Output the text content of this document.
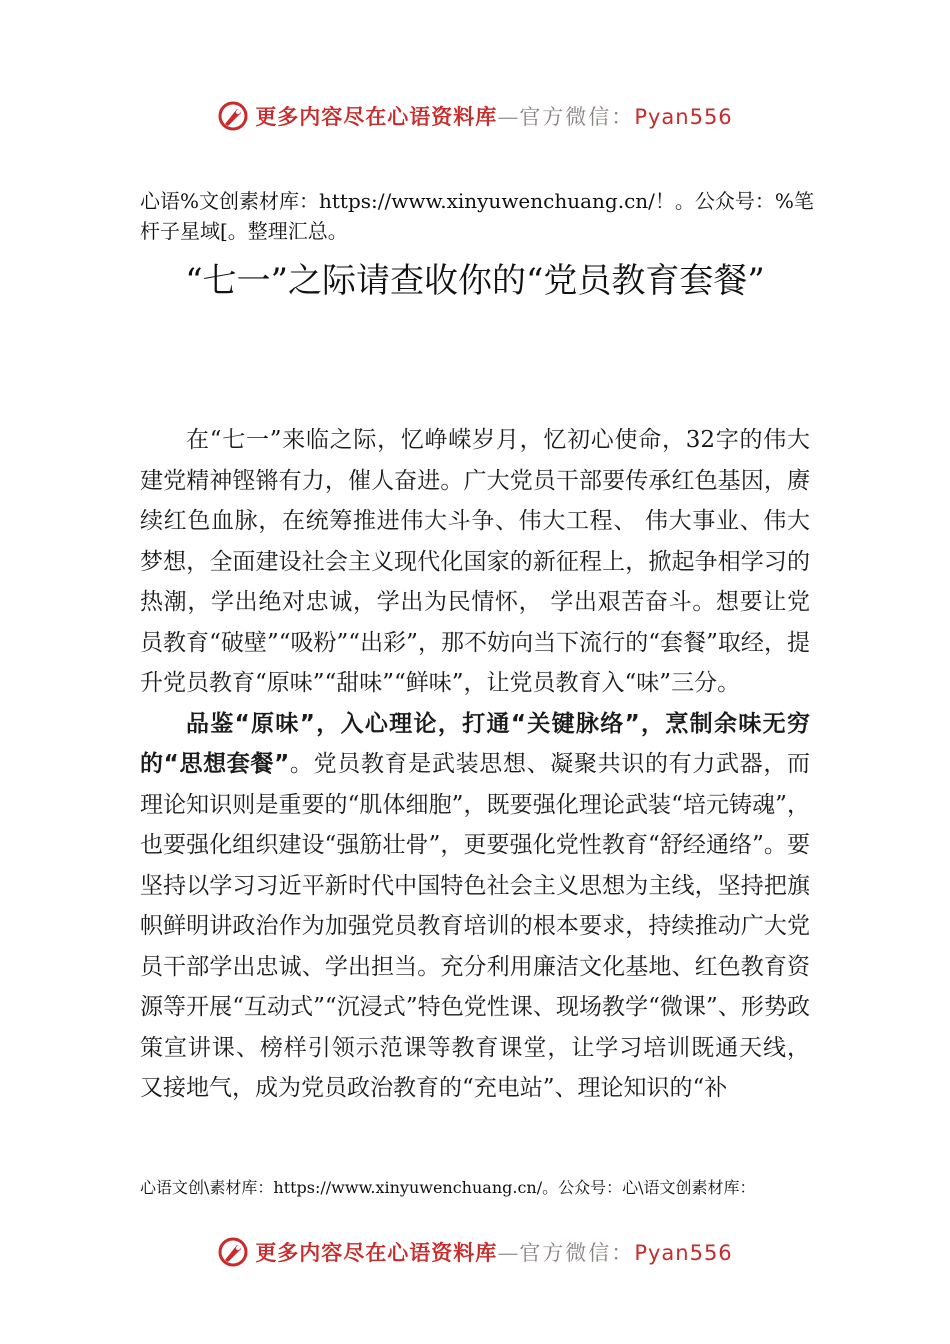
更多内容尽在心语资料库—官方微信：Pyan556
心语%文创素材库：https://www.xinyuwenchuang.cn/！。公众号：%笔杆子星域[。整理汇总。
“七一”之际请查收你的“党员教育套餐”

在“七一”来临之际，忆峥嵘岁月，忆初心使命，32字的伟大建党精神铿锵有力，催人奋进。广大党员干部要传承红色基因，赓续红色血脉，在统筹推进伟大斗争、伟大工程、 伟大事业、伟大梦想，全面建设社会主义现代化国家的新征程上，掀起争相学习的热潮，学出绝对忠诚，学出为民情怀， 学出艰苦奋斗。想要让党员教育“破壁”“吸粉”“出彩”，那不妨向当下流行的“套餐”取经，提升党员教育“原味”“甜味”“鲜味”，让党员教育入“味”三分。

品鉴“原味”，入心理论，打通“关键脉络”，烹制余味无穷的“思想套餐”。党员教育是武装思想、凝聚共识的有力武器，而理论知识则是重要的“肌体细胞”，既要强化理论武装“培元铸魂”，也要强化组织建设“强筋壮骨”，更要强化党性教育“舒经通络”。要坚持以学习习近平新时代中国特色社会主义思想为主线，坚持把旗帜鲜明讲政治作为加强党员教育培训的根本要求，持续推动广大党员干部学出忠诚、学出担当。充分利用廉洁文化基地、红色教育资源等开展“互动式”“沉浸式”特色党性课、现场教学“微课”、形势政策宣讲课、榜样引领示范课等教育课堂，让学习培训既通天线， 又接地气，成为党员政治教育的“充电站”、理论知识的“补

心语文创\素材库：https://www.xinyuwenchuang.cn/。公众号：心\语文创素材库：
更多内容尽在心语资料库—官方微信：Pyan556
